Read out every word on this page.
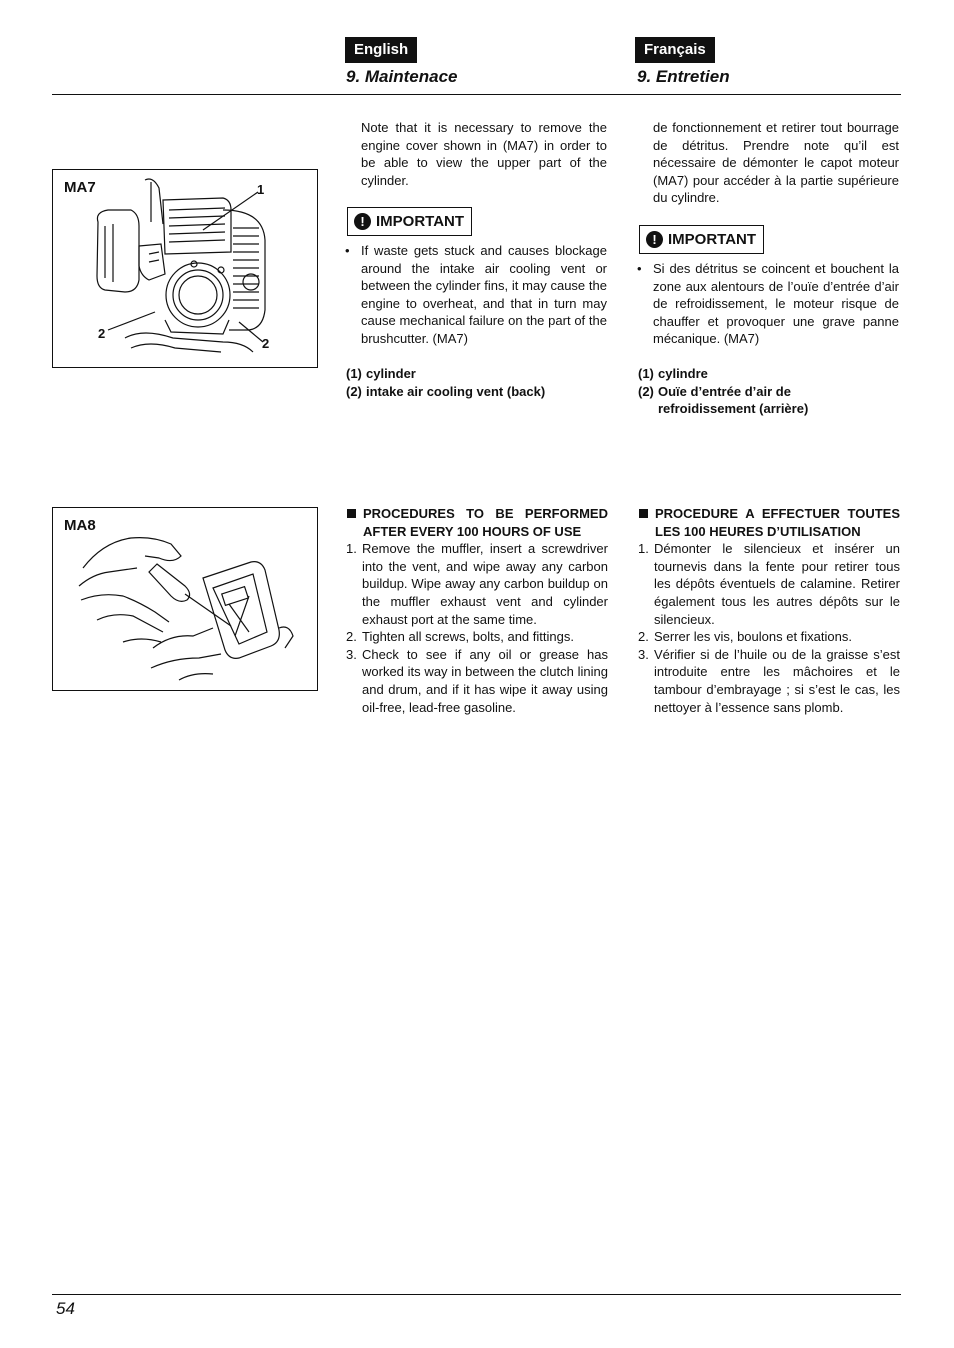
English	Français
9. Maintenace	9. Entretien
MA7	1
2
2
MA8
Note that it is necessary to remove the engine cover shown in (MA7) in order to be able to view the upper part of the cylinder.
! IMPORTANT
• If waste gets stuck and causes blockage around the intake air cooling vent or between the cylinder fins, it may cause the engine to overheat, and that in turn may cause mechanical failure on the part of the brushcutter. (MA7)
(1) cylinder
(2) intake air cooling vent (back)
PROCEDURES TO BE PERFORMED AFTER EVERY 100 HOURS OF USE
1. Remove the muffler, insert a screwdriver into the vent, and wipe away any carbon buildup. Wipe away any carbon buildup on the muffler exhaust vent and cylinder exhaust port at the same time.
2. Tighten all screws, bolts, and fittings.
3. Check to see if any oil or grease has worked its way in between the clutch lining and drum, and if it has wipe it away using oil-free, lead-free gasoline.
de fonctionnement et retirer tout bourrage de détritus. Prendre note qu’il est nécessaire de démonter le capot moteur (MA7) pour accéder à la partie supérieure du cylindre.
! IMPORTANT
• Si des détritus se coincent et bouchent la zone aux alentours de l’ouïe d’entrée d’air de refroidissement, le moteur risque de chauffer et provoquer une grave panne mécanique. (MA7)
(1) cylindre
(2) Ouïe d’entrée d’air de refroidissement (arrière)
PROCEDURE A EFFECTUER TOUTES LES 100 HEURES D’UTILISATION
1. Démonter le silencieux et insérer un tournevis dans la fente pour retirer tous les dépôts éventuels de calamine. Retirer également tous les autres dépôts sur le silencieux.
2. Serrer les vis, boulons et fixations.
3. Vérifier si de l’huile ou de la graisse s’est introduite entre les mâchoires et le tambour d’embrayage ; si s’est le cas, les nettoyer à l’essence sans plomb.
54
